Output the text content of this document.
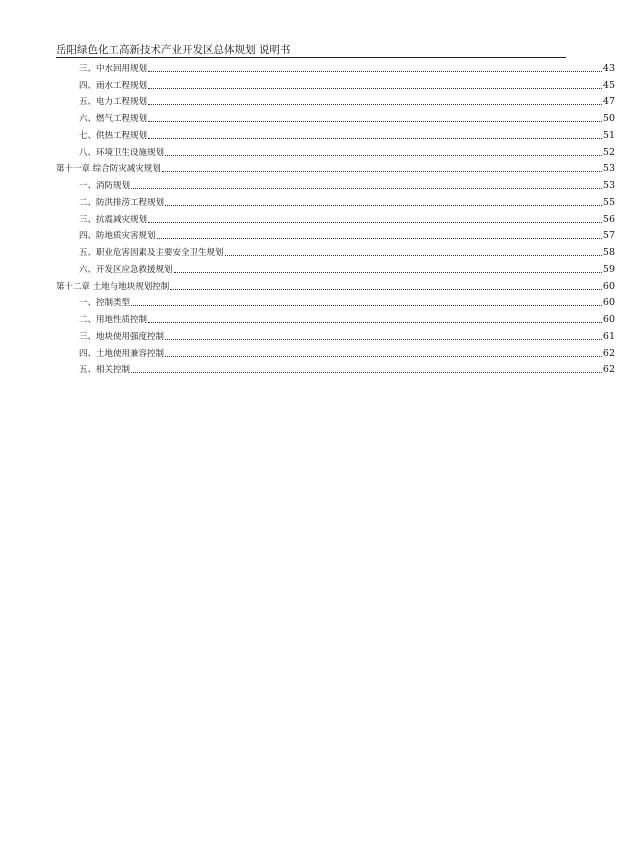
岳阳绿色化工高新技术产业开发区总体规划 说明书
三、中水回用规划	43
四、雨水工程规划	45
五、电力工程规划	47
六、燃气工程规划	50
七、供热工程规划	51
八、环境卫生设施规划	52
第十一章 综合防灾减灾规划	53
一、消防规划	53
二、防洪排涝工程规划	55
三、抗震减灾规划	56
四、防地质灾害规划	57
五、职业危害因素及主要安全卫生规划	58
六、开发区应急救援规划	59
第十二章 土地与地块规划控制	60
一、控制类型	60
二、用地性质控制	60
三、地块使用强度控制	61
四、土地使用兼容控制	62
五、相关控制	62
